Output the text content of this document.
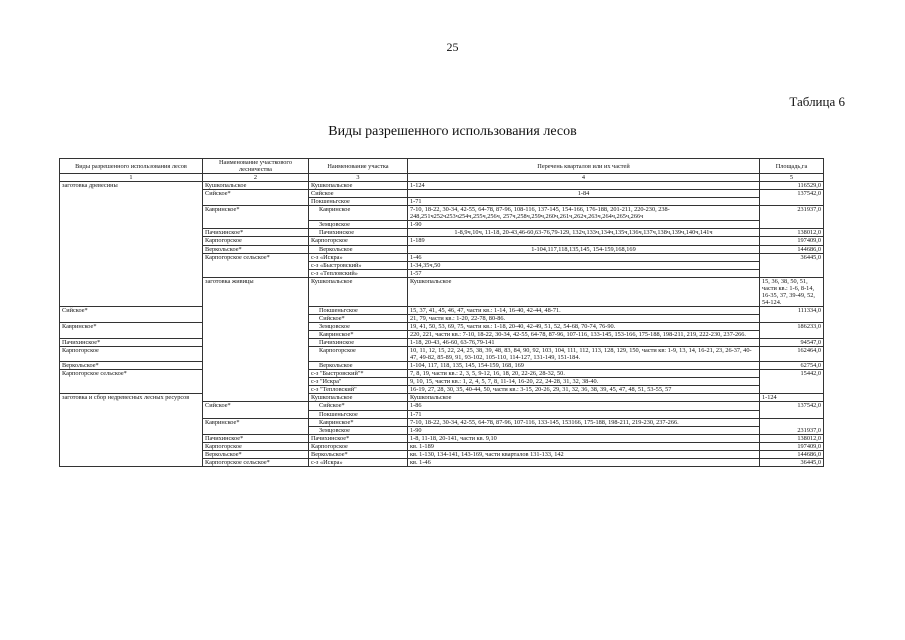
25
Таблица 6
Виды разрешенного использования лесов
Виды разрешенного использования лесов	Наименование участкового лесничества	Наименование участка	Перечень кварталов или их частей	Площадь,га	
1	2	3	4	5	
заготовка древесины	Кушкопальское	Кушкопальское	1-124	116529,0	
	Сийское*	Сийское	1-84	137542,0	
		Покшеньгское	1-71		
	Кавринское*	Кавринское	7-10, 18-22, 30-34, 42-55, 64-78, 87-96, 108-116, 137-145, 154-166, 176-188, 201-211, 220-230, 238-248,251ч252ч253ч254ч,255ч,256ч, 257ч,258ч,259ч,260ч,261ч,262ч,263ч,264ч,265ч,266ч	231937,0	
		Земцовское	1-90		
	Пачихинское*	Пачихинское	1-8,9ч,10ч, 11-18, 20-43,46-60,63-76,79-129, 132ч,133ч,134ч,135ч,136ч,137ч,138ч,139ч,140ч,141ч	138012,0	
	Карпогорское	Карпогорское	1-189	197409,0	
	Веркольское*	Веркольское	1-104,117,118,135,145, 154-159,168,169	144686,0	
	Карпогорское сельское*	с-з «Искра»	1-46	36445,0	
		с-з «Быстровский»	1-34,35ч,50		
		с-з «Тепловский»	1-57		
	заготовка живицы	Кушкопальское	Кушкопальское	15, 36, 38, 50, 51, части кв.: 1-6, 8-14, 16-35, 37, 39-49, 52, 54-124.	
Сийское*		Покшеньгское	15, 37, 41, 45, 46, 47, части кв.: 1-14, 16-40, 42-44, 48-71.	111334,0	
		Сийское*	21, 79, части кв.: 1-20, 22-78, 80-86.		
Кавринское*		Земцовское	19, 41, 50, 53, 69, 75, части кв.: 1-18, 20-40, 42-49, 51, 52, 54-68, 70-74, 76-90.	186233,0	
		Кавринское*	220, 221, части кв.: 7-10, 18-22, 30-34, 42-55, 64-78, 87-96, 107-116, 133-145, 153-166, 175-188, 198-211, 219, 222-230, 237-266.		
Пачихинское*		Пачихинское	1-18, 20-43, 46-60, 63-76,79-141	94547,0	
Карпогорское		Карпогорское	10, 11, 12, 15, 22, 24, 25, 38, 39, 48, 83, 84, 90, 92, 103, 104, 111, 112, 113, 128, 129, 150, части кв: 1-9, 13, 14, 16-21, 23, 26-37, 40-47, 49-82, 85-89, 91, 93-102, 105-110, 114-127, 131-149, 151-184.	162464,0	
Веркольское*		Веркольское	1-104, 117, 118, 135, 145, 154-159, 168, 169	62754,0	
Карпогорское сельское*		с-з "Быстровский"*	7, 8, 19, части кв.: 2, 3, 5, 9-12, 16, 18, 20, 22-26, 28-32, 50.	15442,0	
		с-з "Искра"	9, 10, 15, части кв.: 1, 2, 4, 5, 7, 8, 11-14, 16-20, 22, 24-28, 31, 32, 38-40.		
		с-з "Тепловский"	16-19, 27, 28, 30, 35, 40-44, 50, части кв.: 3-15, 20-26, 29, 31, 32, 36, 38, 39, 45, 47, 48, 51, 53-55, 57		
заготовка и сбор недревесных лесных ресурсов		Кушкопальское	Кушкопальское	1-124	
	Сийское*	Сийское*	1-86	137542,0	
		Покшеньгское	1-71		
	Кавринское*	Кавринское*	7-10, 18-22, 30-34, 42-55, 64-78, 87-96, 107-116, 133-145, 153166, 175-188, 198-211, 219-230, 237-266.	231937,0	
		Земцовское	1-90		
	Пачихинское*	Пачихинское*	1-8, 11-18, 20-141, части кв. 9,10	138012,0	
	Карпогорское	Карпогорское	кв. 1-189	197409,0	
	Веркольское*	Веркольское*	кв. 1-130, 134-141, 143-169, части кварталов 131-133, 142	144686,0	
	Карпогорское сельское*	с-з «Искра»	кв. 1-46	36445,0	
